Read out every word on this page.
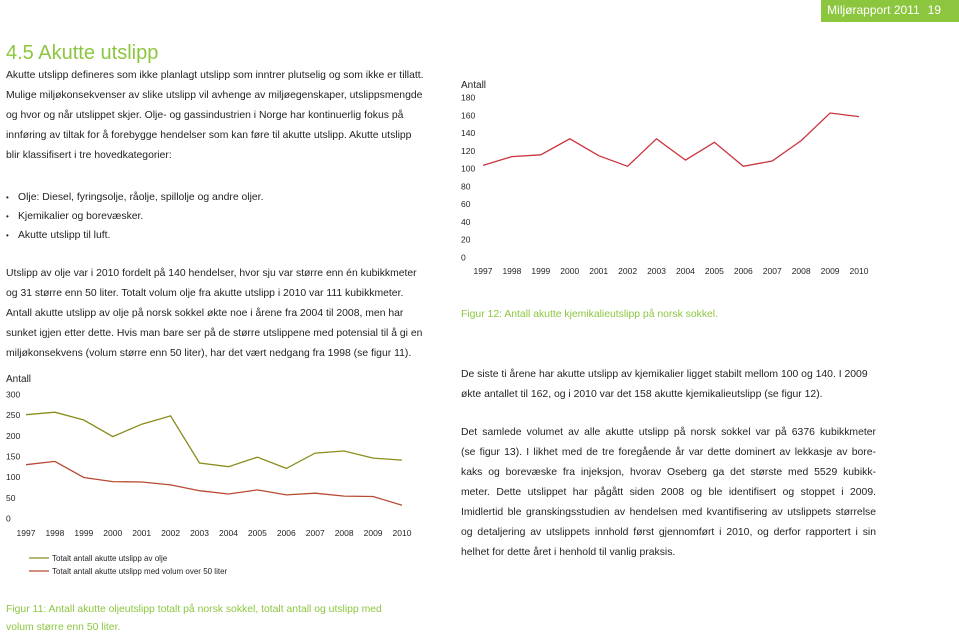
Miljørapport 2011 19
4.5 Akutte utslipp

Akutte utslipp defineres som ikke planlagt utslipp som inntrer plutselig og som ikke er tillatt.

Mulige miljøkonsekvenser av slike utslipp vil avhenge av miljøegenskaper, utslippsmengde

og hvor og når utslippet skjer. Olje- og gassindustrien i Norge har kontinuerlig fokus på

innføring av tiltak for å forebygge hendelser som kan føre til akutte utslipp. Akutte utslipp

blir klassifisert i tre hovedkategorier:

• Olje: Diesel, fyringsolje, råolje, spillolje og andre oljer.
• Kjemikalier og borevæsker.
• Akutte utslipp til luft.

Utslipp av olje var i 2010 fordelt på 140 hendelser, hvor sju var større enn én kubikkmeter

og 31 større enn 50 liter. Totalt volum olje fra akutte utslipp i 2010 var 111 kubikkmeter.

Antall akutte utslipp av olje på norsk sokkel økte noe i årene fra 2004 til 2008, men har

sunket igjen etter dette. Hvis man bare ser på de større utslippene med potensial til å gi en

miljøkonsekvens (volum større enn 50 liter), har det vært nedgang fra 1998 (se figur 11).

Antall
0
50
100
150
200
250
300
1997 1998 1999 2000 2001 2002 2003 2004 2005 2006 2007 2008 2009 2010
Totalt antall akutte utslipp av olje
Totalt antall akutte utslipp med volum over 50 liter
Figur 11: Antall akutte oljeutslipp totalt på norsk sokkel, totalt antall og utslipp med
volum større enn 50 liter.
Antall
0
20
40
60
80
100
120
140
160
180
1997 1998 1999 2000 2001 2002 2003 2004 2005 2006 2007 2008 2009 2010
Figur 12: Antall akutte kjemikalieutslipp på norsk sokkel.

De siste ti årene har akutte utslipp av kjemikalier ligget stabilt mellom 100 og 140. I 2009

økte antallet til 162, og i 2010 var det 158 akutte kjemikalieutslipp (se figur 12).

Det samlede volumet av alle akutte utslipp på norsk sokkel var på 6376 kubikkmeter

(se figur 13). I likhet med de tre foregående år var dette dominert av lekkasje av bore-

kaks og borevæske fra injeksjon, hvorav Oseberg ga det største med 5529 kubikk-

meter. Dette utslippet har pågått siden 2008 og ble identifisert og stoppet i 2009.

Imidlertid ble granskingsstudien av hendelsen med kvantifisering av utslippets størrelse

og detaljering av utslippets innhold først gjennomført i 2010, og derfor rapportert i sin

helhet for dette året i henhold til vanlig praksis.
